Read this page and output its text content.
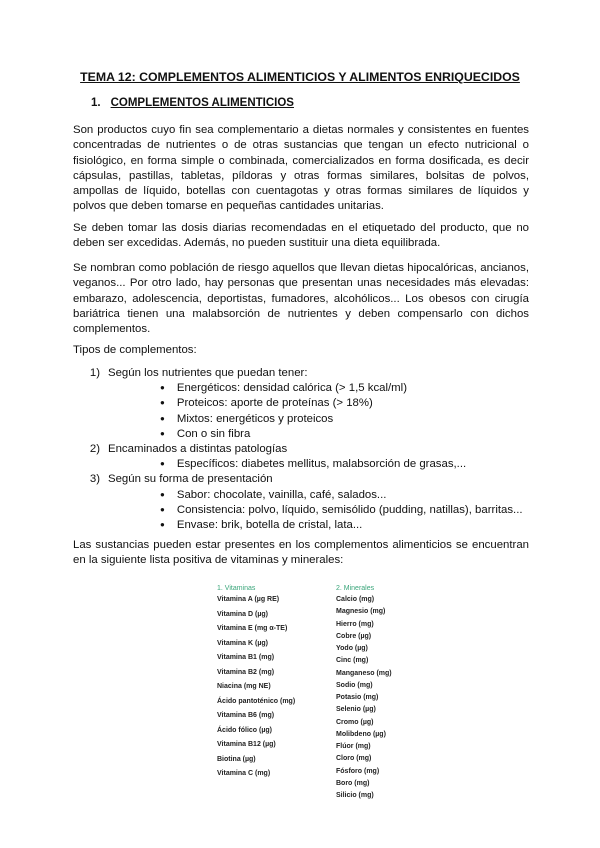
TEMA 12: COMPLEMENTOS ALIMENTICIOS Y ALIMENTOS ENRIQUECIDOS
1. COMPLEMENTOS ALIMENTICIOS

Son productos cuyo fin sea complementario a dietas normales y consistentes en fuentes concentradas de nutrientes o de otras sustancias que tengan un efecto nutricional o fisiológico, en forma simple o combinada, comercializados en forma dosificada, es decir cápsulas, pastillas, tabletas, píldoras y otras formas similares, bolsitas de polvos, ampollas de líquido, botellas con cuentagotas y otras formas similares de líquidos y polvos que deben tomarse en pequeñas cantidades unitarias.

Se deben tomar las dosis diarias recomendadas en el etiquetado del producto, que no deben ser excedidas. Además, no pueden sustituir una dieta equilibrada.

Se nombran como población de riesgo aquellos que llevan dietas hipocalóricas, ancianos, veganos... Por otro lado, hay personas que presentan unas necesidades más elevadas: embarazo, adolescencia, deportistas, fumadores, alcohólicos... Los obesos con cirugía bariátrica tienen una malabsorción de nutrientes y deben compensarlo con dichos complementos.

Tipos de complementos:

1) Según los nutrientes que puedan tener:
● Energéticos: densidad calórica (> 1,5 kcal/ml)
● Proteicos: aporte de proteínas (> 18%)
● Mixtos: energéticos y proteicos
● Con o sin fibra
2) Encaminados a distintas patologías
● Específicos: diabetes mellitus, malabsorción de grasas,...
3) Según su forma de presentación
● Sabor: chocolate, vainilla, café, salados...
● Consistencia: polvo, líquido, semisólido (pudding, natillas), barritas...
● Envase: brik, botella de cristal, lata...

Las sustancias pueden estar presentes en los complementos alimenticios se encuentran en la siguiente lista positiva de vitaminas y minerales:

1. Vitaminas
Vitamina A (µg RE)
Vitamina D (µg)
Vitamina E (mg α-TE)
Vitamina K (µg)
Vitamina B1 (mg)
Vitamina B2 (mg)
Niacina (mg NE)
Ácido pantoténico (mg)
Vitamina B6 (mg)
Ácido fólico (µg)
Vitamina B12 (µg)
Biotina (µg)
Vitamina C (mg)
2. Minerales
Calcio (mg)
Magnesio (mg)
Hierro (mg)
Cobre (µg)
Yodo (µg)
Cinc (mg)
Manganeso (mg)
Sodio (mg)
Potasio (mg)
Selenio (µg)
Cromo (µg)
Molibdeno (µg)
Flúor (mg)
Cloro (mg)
Fósforo (mg)
Boro (mg)
Silicio (mg)
